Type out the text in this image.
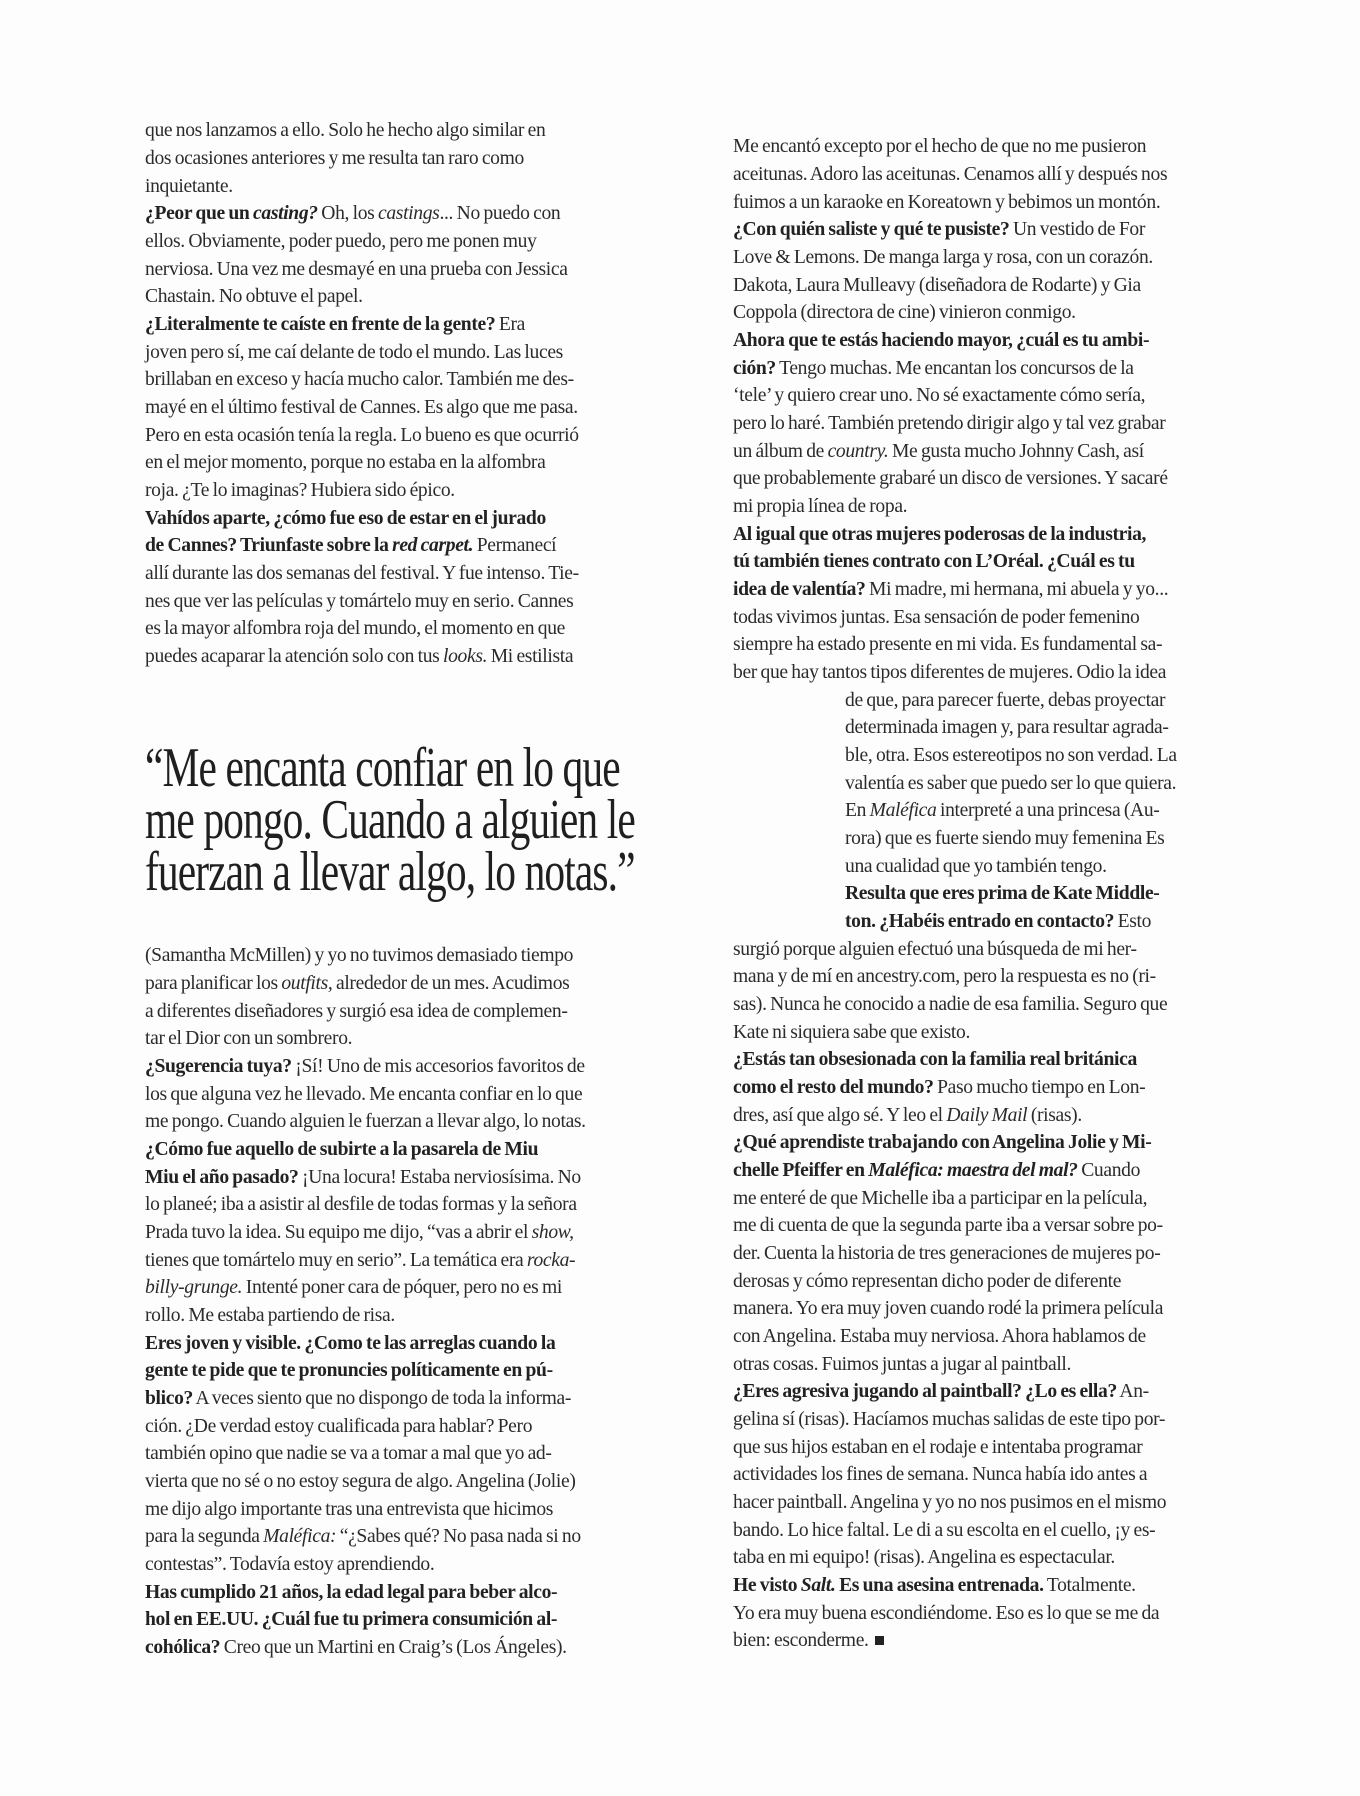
que nos lanzamos a ello. Solo he hecho algo similar en
dos ocasiones anteriores y me resulta tan raro como
inquietante.
¿Peor que un casting? Oh, los castings... No puedo con
ellos. Obviamente, poder puedo, pero me ponen muy
nerviosa. Una vez me desmayé en una prueba con Jessica
Chastain. No obtuve el papel.
¿Literalmente te caíste en frente de la gente? Era
joven pero sí, me caí delante de todo el mundo. Las luces
brillaban en exceso y hacía mucho calor. También me des-
mayé en el último festival de Cannes. Es algo que me pasa.
Pero en esta ocasión tenía la regla. Lo bueno es que ocurrió
en el mejor momento, porque no estaba en la alfombra
roja. ¿Te lo imaginas? Hubiera sido épico.
Vahídos aparte, ¿cómo fue eso de estar en el jurado
de Cannes? Triunfaste sobre la red carpet. Permanecí
allí durante las dos semanas del festival. Y fue intenso. Tie-
nes que ver las películas y tomártelo muy en serio. Cannes
es la mayor alfombra roja del mundo, el momento en que
puedes acaparar la atención solo con tus looks. Mi estilista
(Samantha McMillen) y yo no tuvimos demasiado tiempo
para planificar los outfits, alrededor de un mes. Acudimos
a diferentes diseñadores y surgió esa idea de complemen-
tar el Dior con un sombrero.
¿Sugerencia tuya? ¡Sí! Uno de mis accesorios favoritos de
los que alguna vez he llevado. Me encanta confiar en lo que
me pongo. Cuando alguien le fuerzan a llevar algo, lo notas.
¿Cómo fue aquello de subirte a la pasarela de Miu
Miu el año pasado? ¡Una locura! Estaba nerviosísima. No
lo planeé; iba a asistir al desfile de todas formas y la señora
Prada tuvo la idea. Su equipo me dijo, “vas a abrir el show,
tienes que tomártelo muy en serio”. La temática era rocka-
billy-grunge. Intenté poner cara de póquer, pero no es mi
rollo. Me estaba partiendo de risa.
Eres joven y visible. ¿Como te las arreglas cuando la
gente te pide que te pronuncies políticamente en pú-
blico? A veces siento que no dispongo de toda la informa-
ción. ¿De verdad estoy cualificada para hablar? Pero
también opino que nadie se va a tomar a mal que yo ad-
vierta que no sé o no estoy segura de algo. Angelina (Jolie)
me dijo algo importante tras una entrevista que hicimos
para la segunda Maléfica: “¿Sabes qué? No pasa nada si no
contestas”. Todavía estoy aprendiendo.
Has cumplido 21 años, la edad legal para beber alco-
hol en EE.UU. ¿Cuál fue tu primera consumición al-
cohólica? Creo que un Martini en Craig’s (Los Ángeles).
“Me encanta confiar en lo que
me pongo. Cuando a alguien le
fuerzan a llevar algo, lo notas.”
Me encantó excepto por el hecho de que no me pusieron
aceitunas. Adoro las aceitunas. Cenamos allí y después nos
fuimos a un karaoke en Koreatown y bebimos un montón.
¿Con quién saliste y qué te pusiste? Un vestido de For
Love & Lemons. De manga larga y rosa, con un corazón.
Dakota, Laura Mulleavy (diseñadora de Rodarte) y Gia
Coppola (directora de cine) vinieron conmigo.
Ahora que te estás haciendo mayor, ¿cuál es tu ambi-
ción? Tengo muchas. Me encantan los concursos de la
‘tele’ y quiero crear uno. No sé exactamente cómo sería,
pero lo haré. También pretendo dirigir algo y tal vez grabar
un álbum de country. Me gusta mucho Johnny Cash, así
que probablemente grabaré un disco de versiones. Y sacaré
mi propia línea de ropa.
Al igual que otras mujeres poderosas de la industria,
tú también tienes contrato con L’Oréal. ¿Cuál es tu
idea de valentía? Mi madre, mi hermana, mi abuela y yo...
todas vivimos juntas. Esa sensación de poder femenino
siempre ha estado presente en mi vida. Es fundamental sa-
ber que hay tantos tipos diferentes de mujeres. Odio la idea
de que, para parecer fuerte, debas proyectar
determinada imagen y, para resultar agrada-
ble, otra. Esos estereotipos no son verdad. La
valentía es saber que puedo ser lo que quiera.
En Maléfica interpreté a una princesa (Au-
rora) que es fuerte siendo muy femenina Es
una cualidad que yo también tengo.
Resulta que eres prima de Kate Middle-
ton. ¿Habéis entrado en contacto? Esto
surgió porque alguien efectuó una búsqueda de mi her-
mana y de mí en ancestry.com, pero la respuesta es no (ri-
sas). Nunca he conocido a nadie de esa familia. Seguro que
Kate ni siquiera sabe que existo.
¿Estás tan obsesionada con la familia real británica
como el resto del mundo? Paso mucho tiempo en Lon-
dres, así que algo sé. Y leo el Daily Mail (risas).
¿Qué aprendiste trabajando con Angelina Jolie y Mi-
chelle Pfeiffer en Maléfica: maestra del mal? Cuando
me enteré de que Michelle iba a participar en la película,
me di cuenta de que la segunda parte iba a versar sobre po-
der. Cuenta la historia de tres generaciones de mujeres po-
derosas y cómo representan dicho poder de diferente
manera. Yo era muy joven cuando rodé la primera película
con Angelina. Estaba muy nerviosa. Ahora hablamos de
otras cosas. Fuimos juntas a jugar al paintball.
¿Eres agresiva jugando al paintball? ¿Lo es ella? An-
gelina sí (risas). Hacíamos muchas salidas de este tipo por-
que sus hijos estaban en el rodaje e intentaba programar
actividades los fines de semana. Nunca había ido antes a
hacer paintball. Angelina y yo no nos pusimos en el mismo
bando. Lo hice faltal. Le di a su escolta en el cuello, ¡y es-
taba en mi equipo! (risas). Angelina es espectacular.
He visto Salt. Es una asesina entrenada. Totalmente.
Yo era muy buena escondiéndome. Eso es lo que se me da
bien: esconderme.
